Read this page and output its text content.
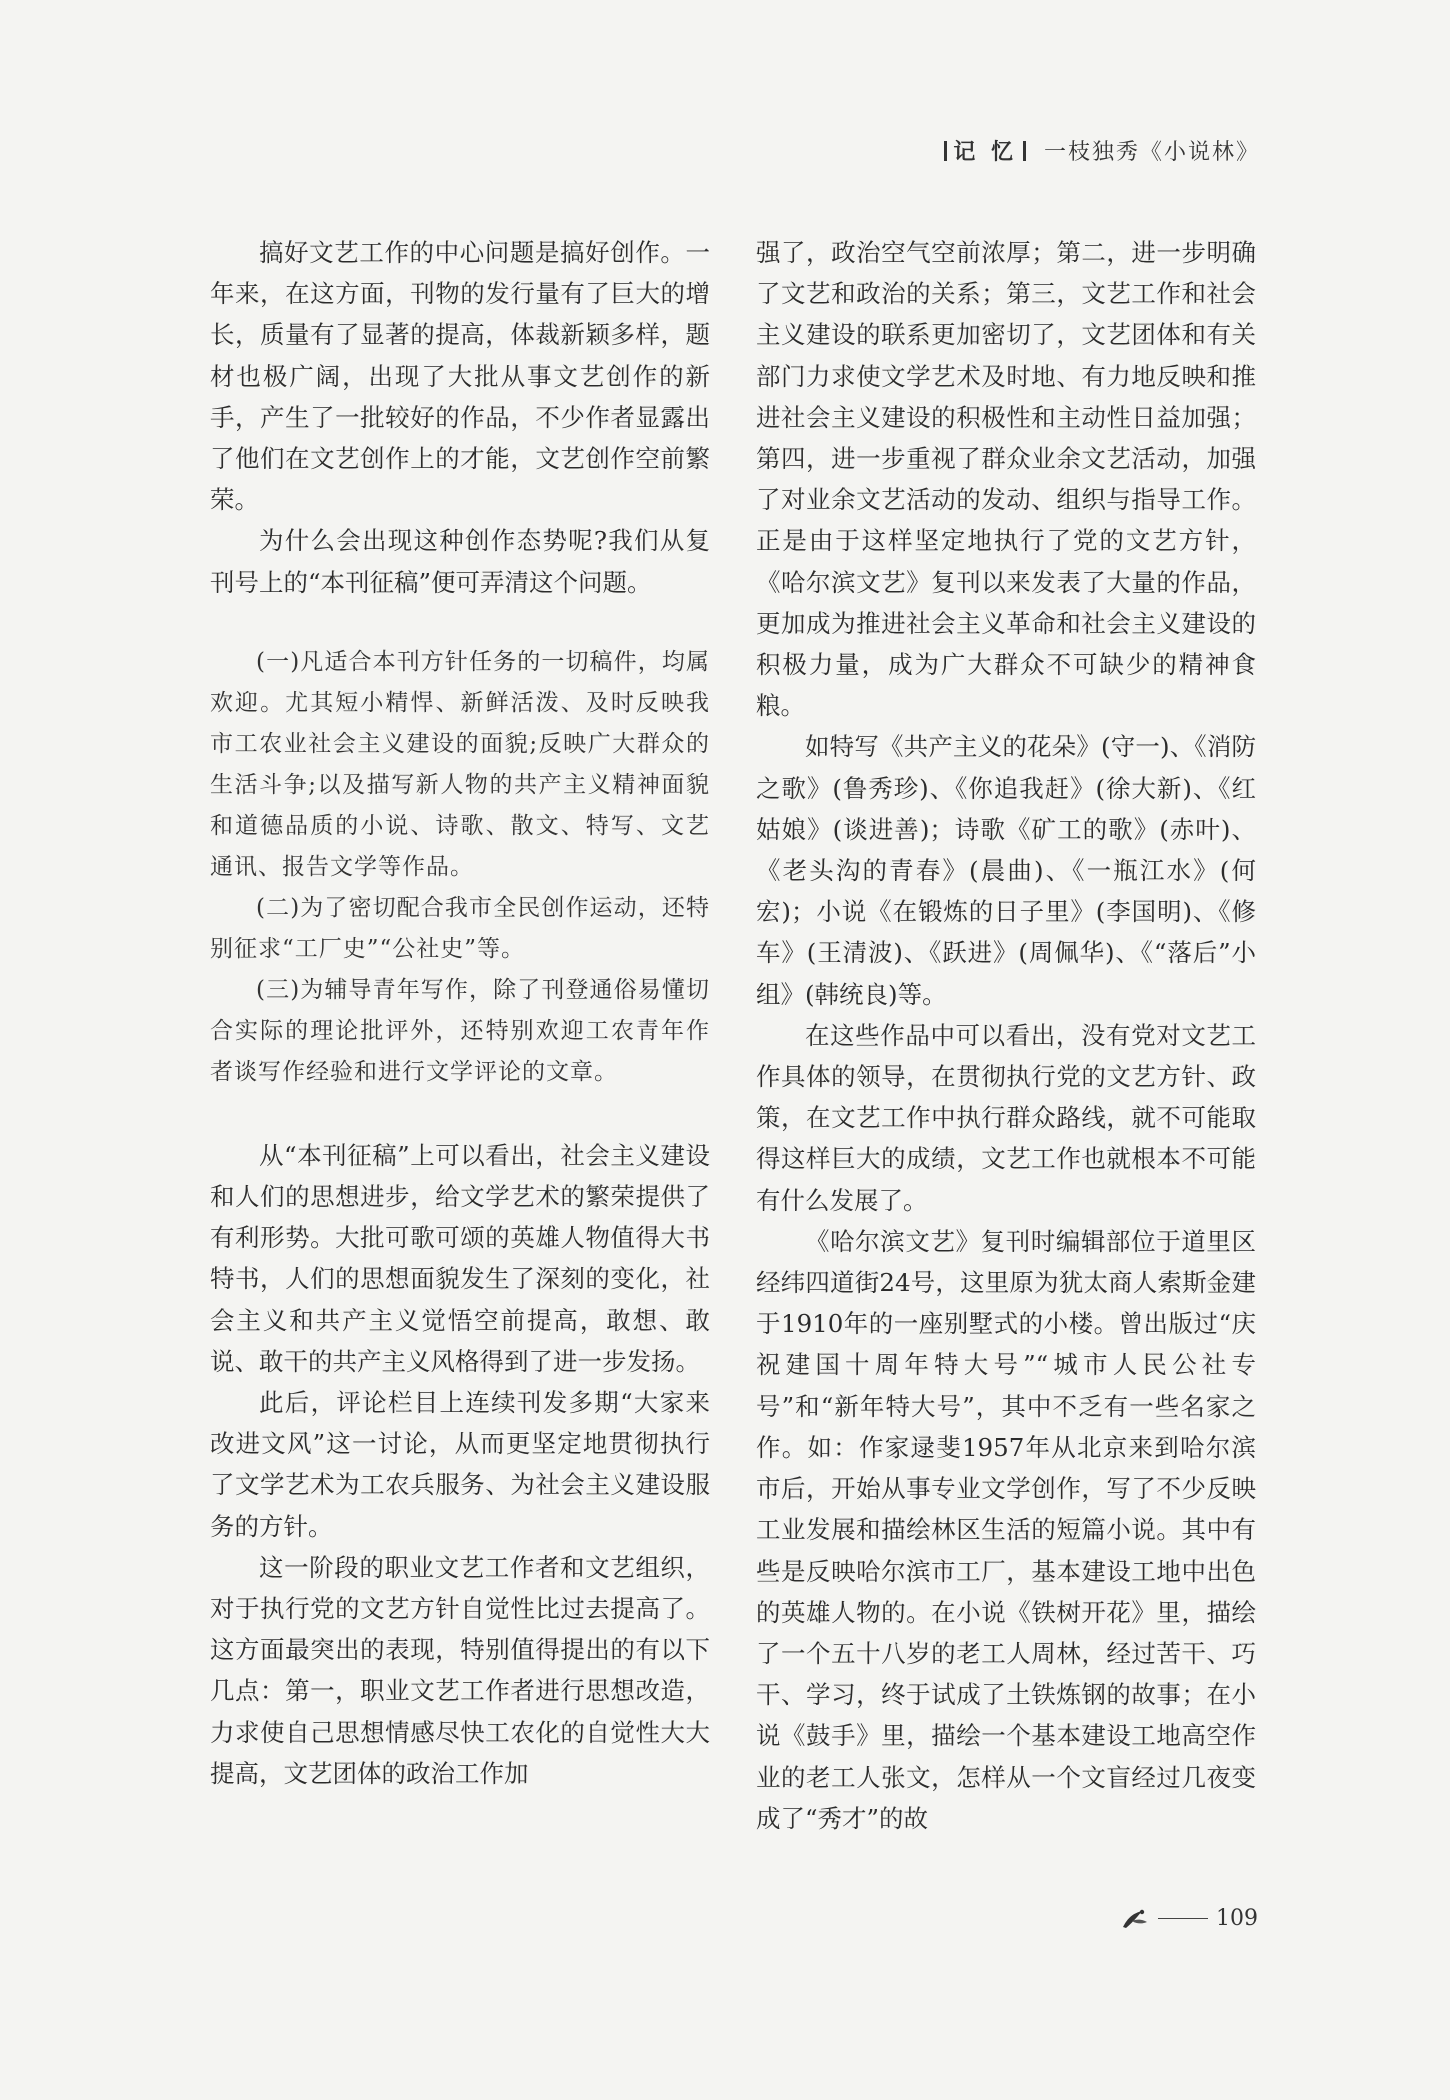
记 忆 一枝独秀《小说林》

搞好文艺工作的中心问题是搞好创作。一年来，在这方面，刊物的发行量有了巨大的增长，质量有了显著的提高，体裁新颖多样，题材也极广阔，出现了大批从事文艺创作的新手，产生了一批较好的作品，不少作者显露出了他们在文艺创作上的才能，文艺创作空前繁荣。

为什么会出现这种创作态势呢?我们从复刊号上的“本刊征稿”便可弄清这个问题。

(一)凡适合本刊方针任务的一切稿件，均属欢迎。尤其短小精悍、新鲜活泼、及时反映我市工农业社会主义建设的面貌;反映广大群众的生活斗争;以及描写新人物的共产主义精神面貌和道德品质的小说、诗歌、散文、特写、文艺通讯、报告文学等作品。

(二)为了密切配合我市全民创作运动，还特别征求“工厂史”“公社史”等。

(三)为辅导青年写作，除了刊登通俗易懂切合实际的理论批评外，还特别欢迎工农青年作者谈写作经验和进行文学评论的文章。

从“本刊征稿”上可以看出，社会主义建设和人们的思想进步，给文学艺术的繁荣提供了有利形势。大批可歌可颂的英雄人物值得大书特书，人们的思想面貌发生了深刻的变化，社会主义和共产主义觉悟空前提高，敢想、敢说、敢干的共产主义风格得到了进一步发扬。

此后，评论栏目上连续刊发多期“大家来改进文风”这一讨论，从而更坚定地贯彻执行了文学艺术为工农兵服务、为社会主义建设服务的方针。

这一阶段的职业文艺工作者和文艺组织，对于执行党的文艺方针自觉性比过去提高了。这方面最突出的表现，特别值得提出的有以下几点：第一，职业文艺工作者进行思想改造，力求使自己思想情感尽快工农化的自觉性大大提高，文艺团体的政治工作加

强了，政治空气空前浓厚；第二，进一步明确了文艺和政治的关系；第三，文艺工作和社会主义建设的联系更加密切了，文艺团体和有关部门力求使文学艺术及时地、有力地反映和推进社会主义建设的积极性和主动性日益加强；第四，进一步重视了群众业余文艺活动，加强了对业余文艺活动的发动、组织与指导工作。正是由于这样坚定地执行了党的文艺方针，《哈尔滨文艺》复刊以来发表了大量的作品，更加成为推进社会主义革命和社会主义建设的积极力量，成为广大群众不可缺少的精神食粮。

如特写《共产主义的花朵》(守一)、《消防之歌》(鲁秀珍)、《你追我赶》(徐大新)、《红姑娘》(谈进善)；诗歌《矿工的歌》(赤叶)、《老头沟的青春》(晨曲)、《一瓶江水》(何宏)；小说《在锻炼的日子里》(李国明)、《修车》(王清波)、《跃进》(周佩华)、《“落后”小组》(韩统良)等。

在这些作品中可以看出，没有党对文艺工作具体的领导，在贯彻执行党的文艺方针、政策，在文艺工作中执行群众路线，就不可能取得这样巨大的成绩，文艺工作也就根本不可能有什么发展了。

《哈尔滨文艺》复刊时编辑部位于道里区经纬四道街24号，这里原为犹太商人索斯金建于1910年的一座别墅式的小楼。曾出版过“庆祝建国十周年特大号”“城市人民公社专号”和“新年特大号”，其中不乏有一些名家之作。如：作家逯斐1957年从北京来到哈尔滨市后，开始从事专业文学创作，写了不少反映工业发展和描绘林区生活的短篇小说。其中有些是反映哈尔滨市工厂，基本建设工地中出色的英雄人物的。在小说《铁树开花》里，描绘了一个五十八岁的老工人周林，经过苦干、巧干、学习，终于试成了土铁炼钢的故事；在小说《鼓手》里，描绘一个基本建设工地高空作业的老工人张文，怎样从一个文盲经过几夜变成了“秀才”的故

109
